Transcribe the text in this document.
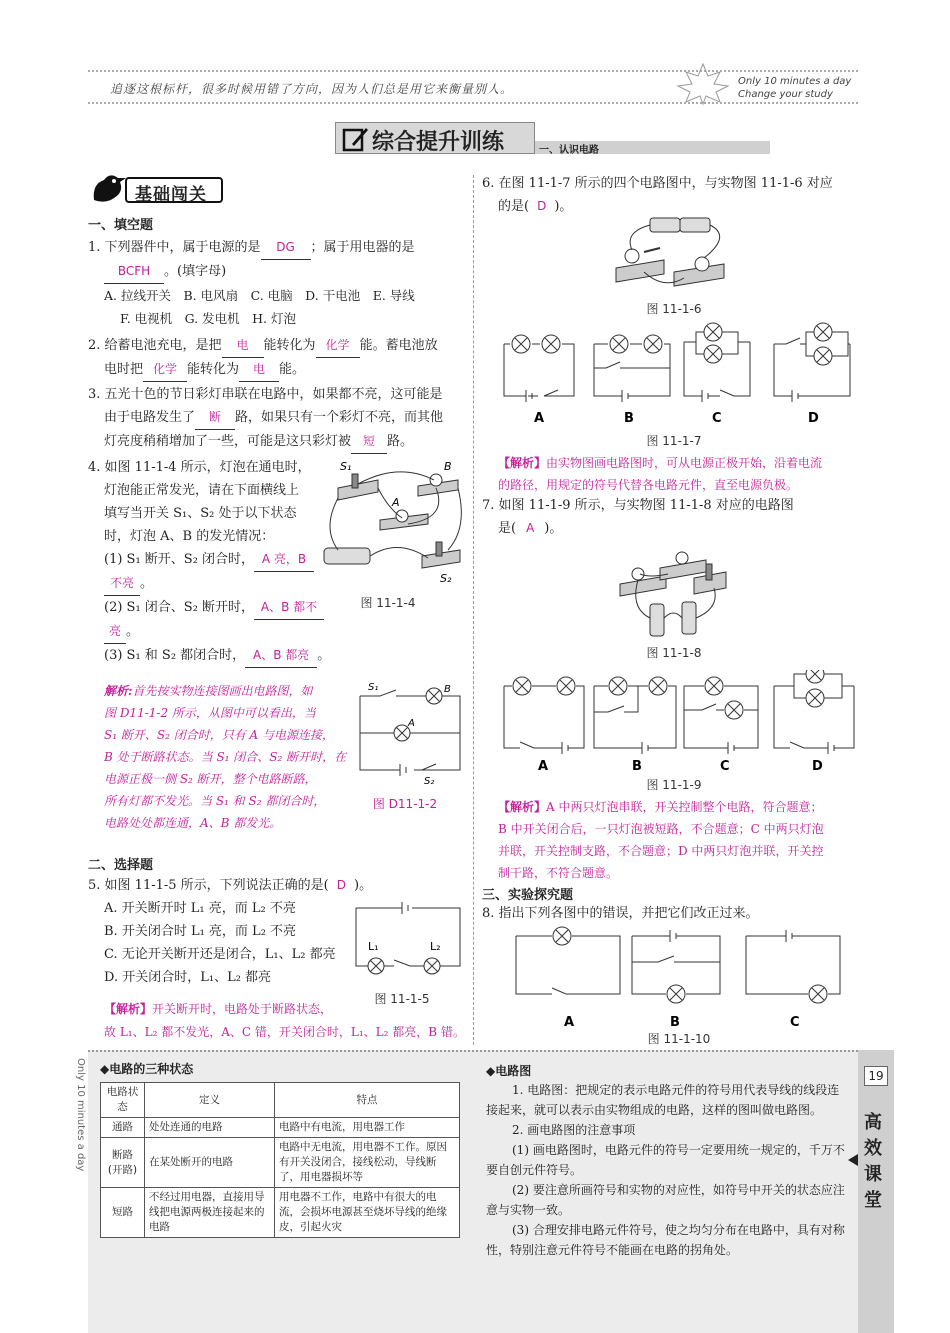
追逐这根标杆，很多时候用错了方向，因为人们总是用它来衡量别人。
Only 10 minutes a day
Change your study
综合提升训练	一、认识电路
基础闯关
一、填空题
1. 下列器件中，属于电源的是 DG ；属于用电器的是
BCFH 。(填字母)
A. 拉线开关　B. 电风扇　C. 电脑　D. 干电池　E. 导线
F. 电视机　G. 发电机　H. 灯泡
2. 给蓄电池充电，是把 电 能转化为 化学 能。蓄电池放
电时把 化学 能转化为 电 能。
3. 五光十色的节日彩灯串联在电路中，如果都不亮，这可能是
由于电路发生了 断 路，如果只有一个彩灯不亮，而其他
灯亮度稍稍增加了一些，可能是这只彩灯被 短 路。
4. 如图 11-1-4 所示，灯泡在通电时，
灯泡能正常发光，请在下面横线上
填写当开关 S₁、S₂ 处于以下状态
时，灯泡 A、B 的发光情况：
(1) S₁ 断开、S₂ 闭合时， A 亮，B
不亮 。
(2) S₁ 闭合、S₂ 断开时， A、B 都不
亮 。
(3) S₁ 和 S₂ 都闭合时， A、B 都亮 。
S₁	B
A
S₂
图 11-1-4
解析:首先按实物连接图画出电路图，如
图 D11-1-2 所示，从图中可以看出，当
S₁ 断开、S₂ 闭合时，只有 A 与电源连接，
B 处于断路状态。当 S₁ 闭合、S₂ 断开时，在
电源正极一侧 S₂ 断开，整个电路断路，
所有灯都不发光。当 S₁ 和 S₂ 都闭合时，
电路处处都连通，A、B 都发光。
S₁	B
A
S₂
图 D11-1-2
二、选择题
5. 如图 11-1-5 所示，下列说法正确的是( D )。
A. 开关断开时 L₁ 亮，而 L₂ 不亮
B. 开关闭合时 L₁ 亮，而 L₂ 不亮
C. 无论开关断开还是闭合，L₁、L₂ 都亮
D. 开关闭合时，L₁、L₂ 都亮
【解析】开关断开时，电路处于断路状态，
故 L₁、L₂ 都不发光，A、C 错，开关闭合时，L₁、L₂ 都亮，B 错。
L₁	L₂
图 11-1-5
6. 在图 11-1-7 所示的四个电路图中，与实物图 11-1-6 对应
的是( D )。
图 11-1-6
A	B	C	D
图 11-1-7
【解析】由实物图画电路图时，可从电源正极开始，沿着电流
的路径，用规定的符号代替各电路元件，直至电源负极。
7. 如图 11-1-9 所示，与实物图 11-1-8 对应的电路图
是( A )。
图 11-1-8
A	B	C	D
图 11-1-9
【解析】A 中两只灯泡串联，开关控制整个电路，符合题意；
B 中开关闭合后，一只灯泡被短路，不合题意；C 中两只灯泡
并联，开关控制支路，不合题意；D 中两只灯泡并联，开关控
制干路，不符合题意。
三、实验探究题
8. 指出下列各图中的错误，并把它们改正过来。
A	B	C
图 11-1-10
Only 10 minutes a day ◆电路的三种状态
电路状态	定义	特点
通路	处处连通的电路	电路中有电流，用电器工作
断路(开路)	在某处断开的电路	电路中无电流，用电器不工作。原因有开关没闭合，接线松动，导线断了，用电器损坏等
短路	不经过用电器，直接用导线把电源两极连接起来的电路	用电器不工作，电路中有很大的电流，会损坏电源甚至烧坏导线的绝缘皮，引起火灾
◆电路图
1. 电路图：把规定的表示电路元件的符号用代表导线的线段连接起来，就可以表示由实物组成的电路，这样的图叫做电路图。
2. 画电路图的注意事项
(1) 画电路图时，电路元件的符号一定要用统一规定的，千万不要自创元件符号。
(2) 要注意所画符号和实物的对应性，如符号中开关的状态应注意与实物一致。
(3) 合理安排电路元件符号，使之均匀分布在电路中，具有对称性，特别注意元件符号不能画在电路的拐角处。
19
高
效
课
堂
